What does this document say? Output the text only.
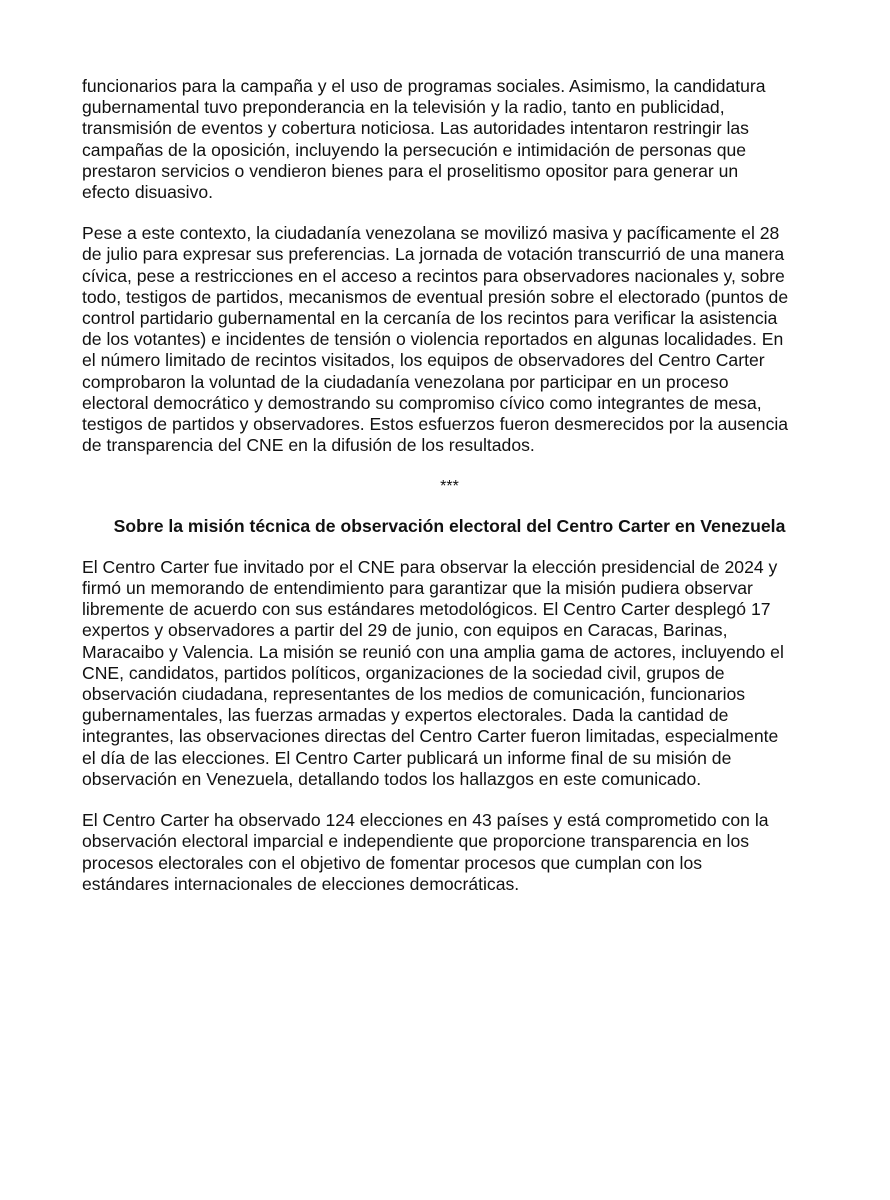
funcionarios para la campaña y el uso de programas sociales. Asimismo, la candidatura
gubernamental tuvo preponderancia en la televisión y la radio, tanto en publicidad,
transmisión de eventos y cobertura noticiosa. Las autoridades intentaron restringir las
campañas de la oposición, incluyendo la persecución e intimidación de personas que
prestaron servicios o vendieron bienes para el proselitismo opositor para generar un
efecto disuasivo.

Pese a este contexto, la ciudadanía venezolana se movilizó masiva y pacíficamente el 28
de julio para expresar sus preferencias. La jornada de votación transcurrió de una manera
cívica, pese a restricciones en el acceso a recintos para observadores nacionales y, sobre
todo, testigos de partidos, mecanismos de eventual presión sobre el electorado (puntos de
control partidario gubernamental en la cercanía de los recintos para verificar la asistencia
de los votantes) e incidentes de tensión o violencia reportados en algunas localidades. En
el número limitado de recintos visitados, los equipos de observadores del Centro Carter
comprobaron la voluntad de la ciudadanía venezolana por participar en un proceso
electoral democrático y demostrando su compromiso cívico como integrantes de mesa,
testigos de partidos y observadores. Estos esfuerzos fueron desmerecidos por la ausencia
de transparencia del CNE en la difusión de los resultados.

***
Sobre la misión técnica de observación electoral del Centro Carter en Venezuela

El Centro Carter fue invitado por el CNE para observar la elección presidencial de 2024 y
firmó un memorando de entendimiento para garantizar que la misión pudiera observar
libremente de acuerdo con sus estándares metodológicos. El Centro Carter desplegó 17
expertos y observadores a partir del 29 de junio, con equipos en Caracas, Barinas,
Maracaibo y Valencia. La misión se reunió con una amplia gama de actores, incluyendo el
CNE, candidatos, partidos políticos, organizaciones de la sociedad civil, grupos de
observación ciudadana, representantes de los medios de comunicación, funcionarios
gubernamentales, las fuerzas armadas y expertos electorales. Dada la cantidad de
integrantes, las observaciones directas del Centro Carter fueron limitadas, especialmente
el día de las elecciones. El Centro Carter publicará un informe final de su misión de
observación en Venezuela, detallando todos los hallazgos en este comunicado.

El Centro Carter ha observado 124 elecciones en 43 países y está comprometido con la
observación electoral imparcial e independiente que proporcione transparencia en los
procesos electorales con el objetivo de fomentar procesos que cumplan con los
estándares internacionales de elecciones democráticas.
